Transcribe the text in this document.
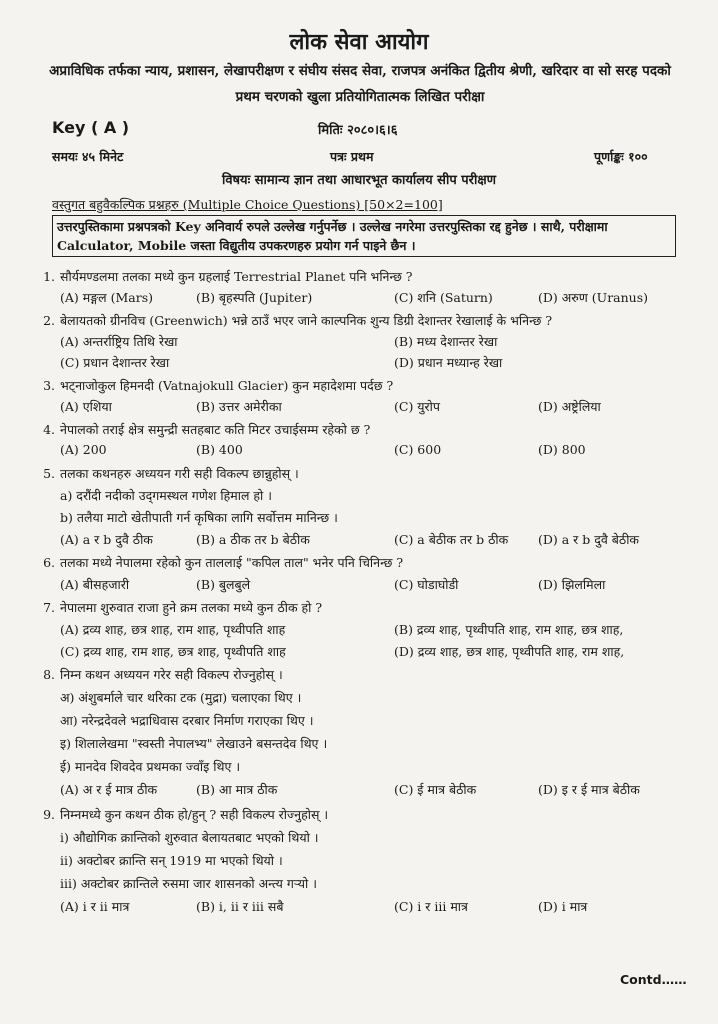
लोक सेवा आयोग
अप्राविधिक तर्फका न्याय, प्रशासन, लेखापरीक्षण र संघीय संसद सेवा, राजपत्र अनंकित द्वितीय श्रेणी, खरिदार वा सो सरह पदको प्रथम चरणको खुला प्रतियोगितात्मक लिखित परीक्षा
Key ( A )	मितिः २०८०।६।६
समयः ४५ मिनेट	पत्रः प्रथम	पूर्णाङ्कः १००
विषयः सामान्य ज्ञान तथा आधारभूत कार्यालय सीप परीक्षण
वस्तुगत बहुवैकल्पिक प्रश्नहरु (Multiple Choice Questions) [50×2=100]
उत्तरपुस्तिकामा प्रश्नपत्रको Key अनिवार्य रुपले उल्लेख गर्नुपर्नेछ । उल्लेख नगरेमा उत्तरपुस्तिका रद्द हुनेछ । साथै, परीक्षामा
Calculator, Mobile जस्ता विद्युतीय उपकरणहरु प्रयोग गर्न पाइने छैन ।
1. सौर्यमण्डलमा तलका मध्ये कुन ग्रहलाई Terrestrial Planet पनि भनिन्छ ?
(A) मङ्गल (Mars)	(B) बृहस्पति (Jupiter)	(C) शनि (Saturn)	(D) अरुण (Uranus)
2. बेलायतको ग्रीनविच (Greenwich) भन्ने ठाउँ भएर जाने काल्पनिक शुन्य डिग्री देशान्तर रेखालाई के भनिन्छ ?
(A) अन्तर्राष्ट्रिय तिथि रेखा	(B) मध्य देशान्तर रेखा
(C) प्रधान देशान्तर रेखा	(D) प्रधान मध्यान्ह रेखा
3. भट्नाजोकुल हिमनदी (Vatnajokull Glacier) कुन महादेशमा पर्दछ ?
(A) एशिया	(B) उत्तर अमेरीका	(C) युरोप	(D) अष्ट्रेलिया
4. नेपालको तराई क्षेत्र समुन्द्री सतहबाट कति मिटर उचाईसम्म रहेको छ ?
(A) 200	(B) 400	(C) 600	(D) 800
5. तलका कथनहरु अध्ययन गरी सही विकल्प छान्नुहोस् ।
a) दराैंदी नदीको उद्‌गमस्थल गणेश हिमाल हो ।
b) तलैया माटो खेतीपाती गर्न कृषिका लागि सर्वोत्तम मानिन्छ ।
(A) a र b दुवै ठीक	(B) a ठीक तर b बेठीक	(C) a बेठीक तर b ठीक (D) a र b दुवै बेठीक
6. तलका मध्ये नेपालमा रहेको कुन ताललाई "कपिल ताल" भनेर पनि चिनिन्छ ?
(A) बीसहजारी	(B) बुलबुले	(C) घोडाघोडी	(D) झिलमिला
7. नेपालमा शुरुवात राजा हुने क्रम तलका मध्ये कुन ठीक हो ?
(A) द्रव्य शाह, छत्र शाह, राम शाह, पृथ्वीपति शाह	(B) द्रव्य शाह, पृथ्वीपति शाह, राम शाह, छत्र शाह,
(C) द्रव्य शाह, राम शाह, छत्र शाह, पृथ्वीपति शाह	(D) द्रव्य शाह, छत्र शाह, पृथ्वीपति शाह, राम शाह,
8. निम्न कथन अध्ययन गरेर सही विकल्प रोज्नुहोस् ।
अ) अंशुबर्माले चार थरिका टक (मुद्रा) चलाएका थिए ।
आ) नरेन्द्रदेवले भद्राधिवास दरबार निर्माण गराएका थिए ।
इ) शिलालेखमा "स्वस्ती नेपालभ्य" लेखाउने बसन्तदेव थिए ।
ई) मानदेव शिवदेव प्रथमका ज्वाँइ थिए ।
(A) अ र ई मात्र ठीक	(B) आ मात्र ठीक	(C) ई मात्र बेठीक	(D) इ र ई मात्र बेठीक
9. निम्नमध्ये कुन कथन ठीक हो/हुन् ? सही विकल्प रोज्नुहोस् ।
i) औद्योगिक क्रान्तिको शुरुवात बेलायतबाट भएको थियो ।
ii) अक्टोबर क्रान्ति सन् 1919 मा भएको थियो ।
iii) अक्टोबर क्रान्तिले रुसमा जार शासनको अन्त्य गऱ्यो ।
(A) i र ii मात्र	(B) i, ii र iii सबै	(C) i र iii मात्र	(D) i मात्र
Contd……
